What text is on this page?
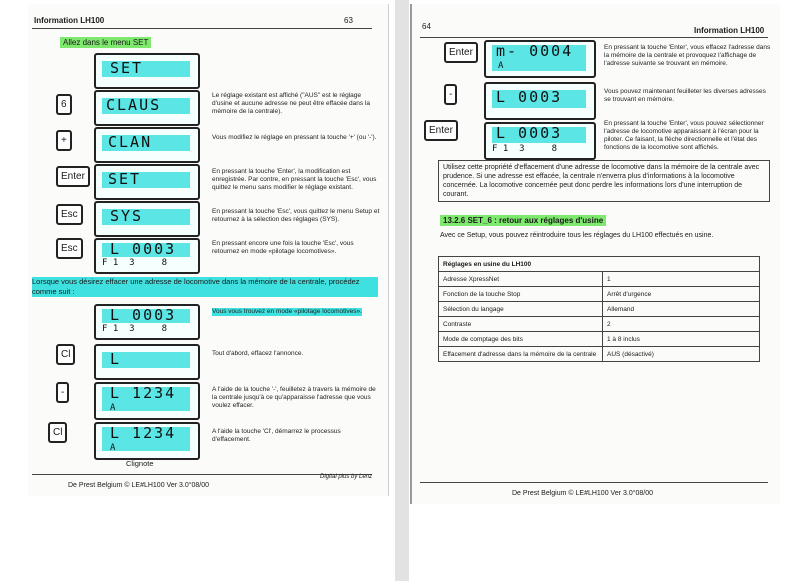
Information LH100	63
Allez dans le menu SET
SET
6	CLAUS
Le réglage existant est affiché ("AUS" est le réglage d'usine et aucune adresse ne peut être effacée dans la mémoire de la centrale).
+	CLAN	Vous modifiez le réglage en pressant la touche '+' (ou '-').
Enter	SET	En pressant la touche 'Enter', la modification est enregistrée. Par contre, en pressant la touche 'Esc', vous quittez le menu sans modifier le réglage existant.
Esc	SYS	En pressant la touche 'Esc', vous quittez le menu Setup et retournez à la sélection des réglages (SYS).
Esc	L 0003
F 1  3     8
En pressant encore une fois la touche 'Esc', vous retournez en mode «pilotage locomotives».
Lorsque vous désirez effacer une adresse de locomotive dans la mémoire de la centrale, procédez comme suit :
L 0003
F 1  3     8
Vous vous trouvez en mode «pilotage locomotives».
Cl	L	Tout d'abord, effacez l'annonce.
-	L 1234
A
A l'aide de la touche '-', feuilletez à travers la mémoire de la centrale jusqu'à ce qu'apparaisse l'adresse que vous voulez effacer.
Cl	L 1234
A
A l'aide la touche 'Cl', démarrez le processus d'effacement.
Clignote
De Prest Belgium © LE#LH100 Ver 3.0°08/00
Digital plus by Lenz
64	Information LH100
Enter	m- 0004
A
En pressant la touche 'Enter', vous effacez l'adresse dans la mémoire de la centrale et provoquez l'affichage de l'adresse suivante se trouvant en mémoire.
-	L 0003	Vous pouvez maintenant feuilleter les diverses adresses se trouvant en mémoire.
Enter	L 0003
F 1  3     8
En pressant la touche 'Enter', vous pouvez sélectionner l'adresse de locomotive apparaissant à l'écran pour la piloter. Ce faisant, la flèche directionnelle et l'état des fonctions de la locomotive sont affichés.
Utilisez cette propriété d'effacement d'une adresse de locomotive dans la mémoire de la centrale avec prudence. Si une adresse est effacée, la centrale n'enverra plus d'informations à la locomotive concernée. La locomotive concernée peut donc perdre les informations lors d'une interruption de courant.
13.2.6 SET_6 : retour aux réglages d'usine
Avec ce Setup, vous pouvez réintroduire tous les réglages du LH100 effectués en usine.
Réglages en usine du LH100	
Adresse XpressNet	1
Fonction de la touche Stop	Arrêt d'urgence
Sélection du langage	Allemand
Contraste	2
Mode de comptage des bits	1 à 8 inclus
Effacement d'adresse dans la mémoire de la centrale	AUS (désactivé)
De Prest Belgium © LE#LH100 Ver 3.0°08/00
